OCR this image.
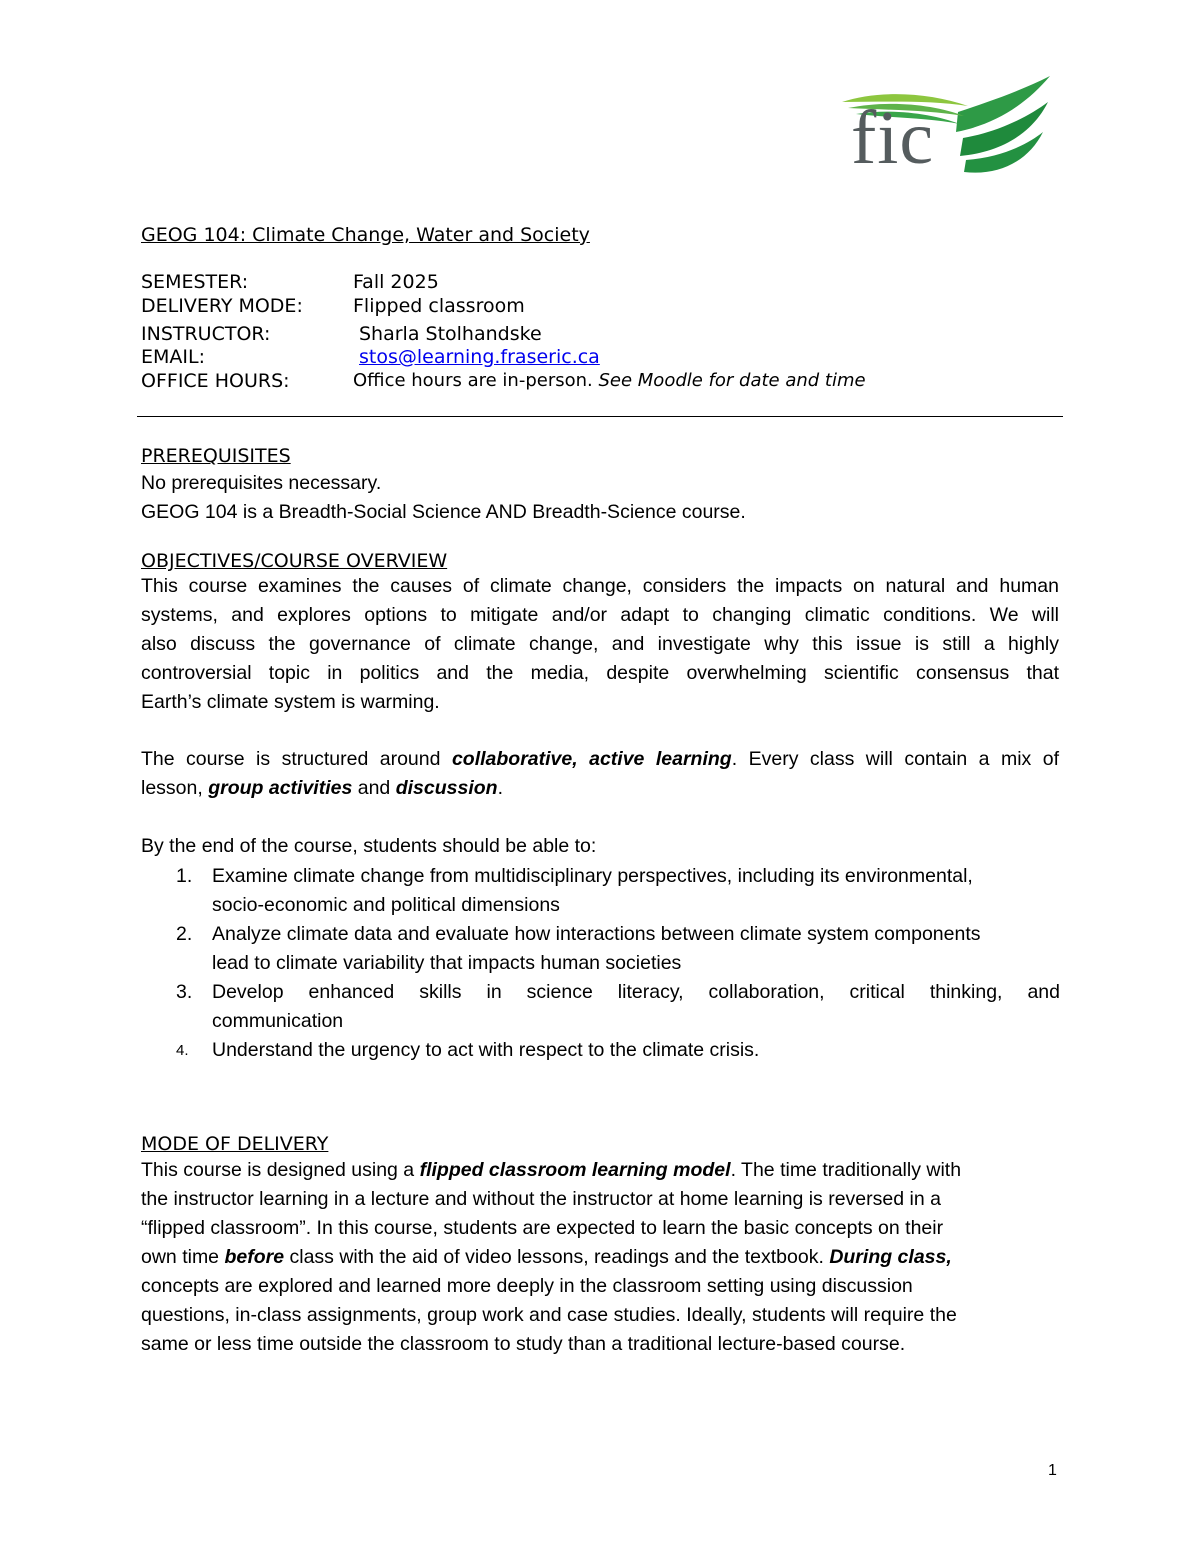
fic
GEOG 104: Climate Change, Water and Society
SEMESTER:	Fall 2025
DELIVERY MODE:	Flipped classroom
INSTRUCTOR:	Sharla Stolhandske
EMAIL:	stos@learning.fraseric.ca
OFFICE HOURS:	Office hours are in-person. See Moodle for date and time
PREREQUISITES
No prerequisites necessary.
GEOG 104 is a Breadth-Social Science AND Breadth-Science course.
OBJECTIVES/COURSE OVERVIEW
This course examines the causes of climate change, considers the impacts on natural and human
systems, and explores options to mitigate and/or adapt to changing climatic conditions. We will
also discuss the governance of climate change, and investigate why this issue is still a highly
controversial topic in politics and the media, despite overwhelming scientific consensus that
Earth’s climate system is warming.
The course is structured around collaborative, active learning. Every class will contain a mix of
lesson, group activities and discussion.
By the end of the course, students should be able to:
1. Examine climate change from multidisciplinary perspectives, including its environmental,
socio-economic and political dimensions
2. Analyze climate data and evaluate how interactions between climate system components
lead to climate variability that impacts human societies
3. Develop enhanced skills in science literacy, collaboration, critical thinking, and
communication
4. Understand the urgency to act with respect to the climate crisis.
MODE OF DELIVERY
This course is designed using a flipped classroom learning model. The time traditionally with
the instructor learning in a lecture and without the instructor at home learning is reversed in a
“flipped classroom”. In this course, students are expected to learn the basic concepts on their
own time before class with the aid of video lessons, readings and the textbook. During class,
concepts are explored and learned more deeply in the classroom setting using discussion
questions, in-class assignments, group work and case studies. Ideally, students will require the
same or less time outside the classroom to study than a traditional lecture-based course.
1
